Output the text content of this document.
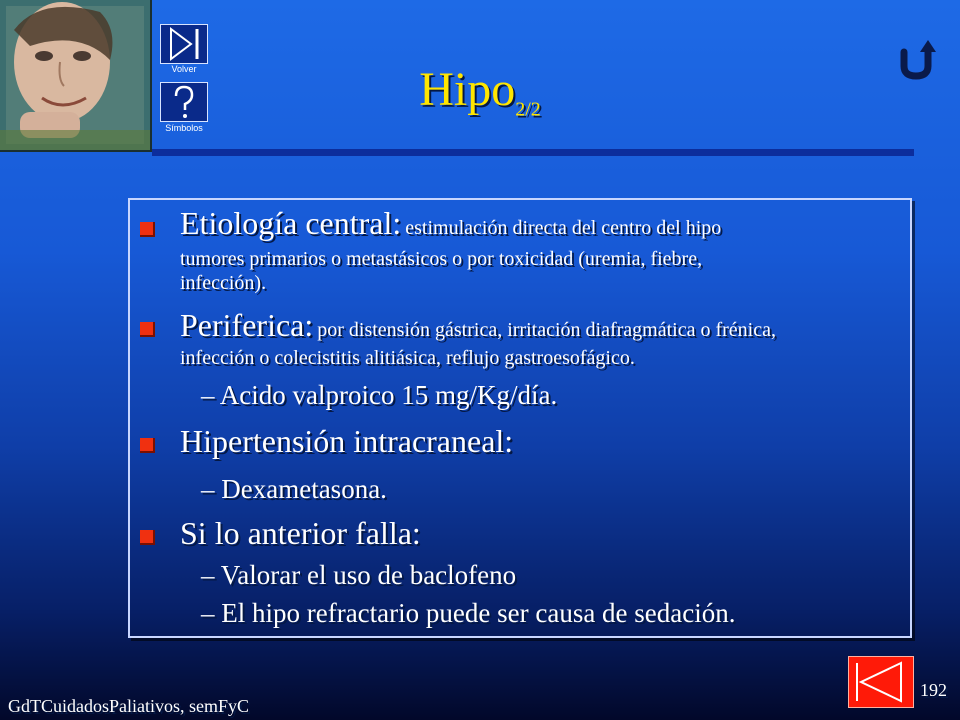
Volver
Símbolos
Hipo$_{2/2}$
Etiología central: estimulación directa del centro del hipo
tumores primarios o metastásicos o por toxicidad (uremia, fiebre,
infección).
Periferica: por distensión gástrica, irritación diafragmática o frénica,
infección o colecistitis alitiásica, reflujo gastroesofágico.
– Acido valproico 15 mg/Kg/día.
Hipertensión intracraneal:
– Dexametasona.
Si lo anterior falla:
– Valorar el uso de baclofeno
– El hipo refractario puede ser causa de sedación.
192
GdTCuidadosPaliativos, semFyC
